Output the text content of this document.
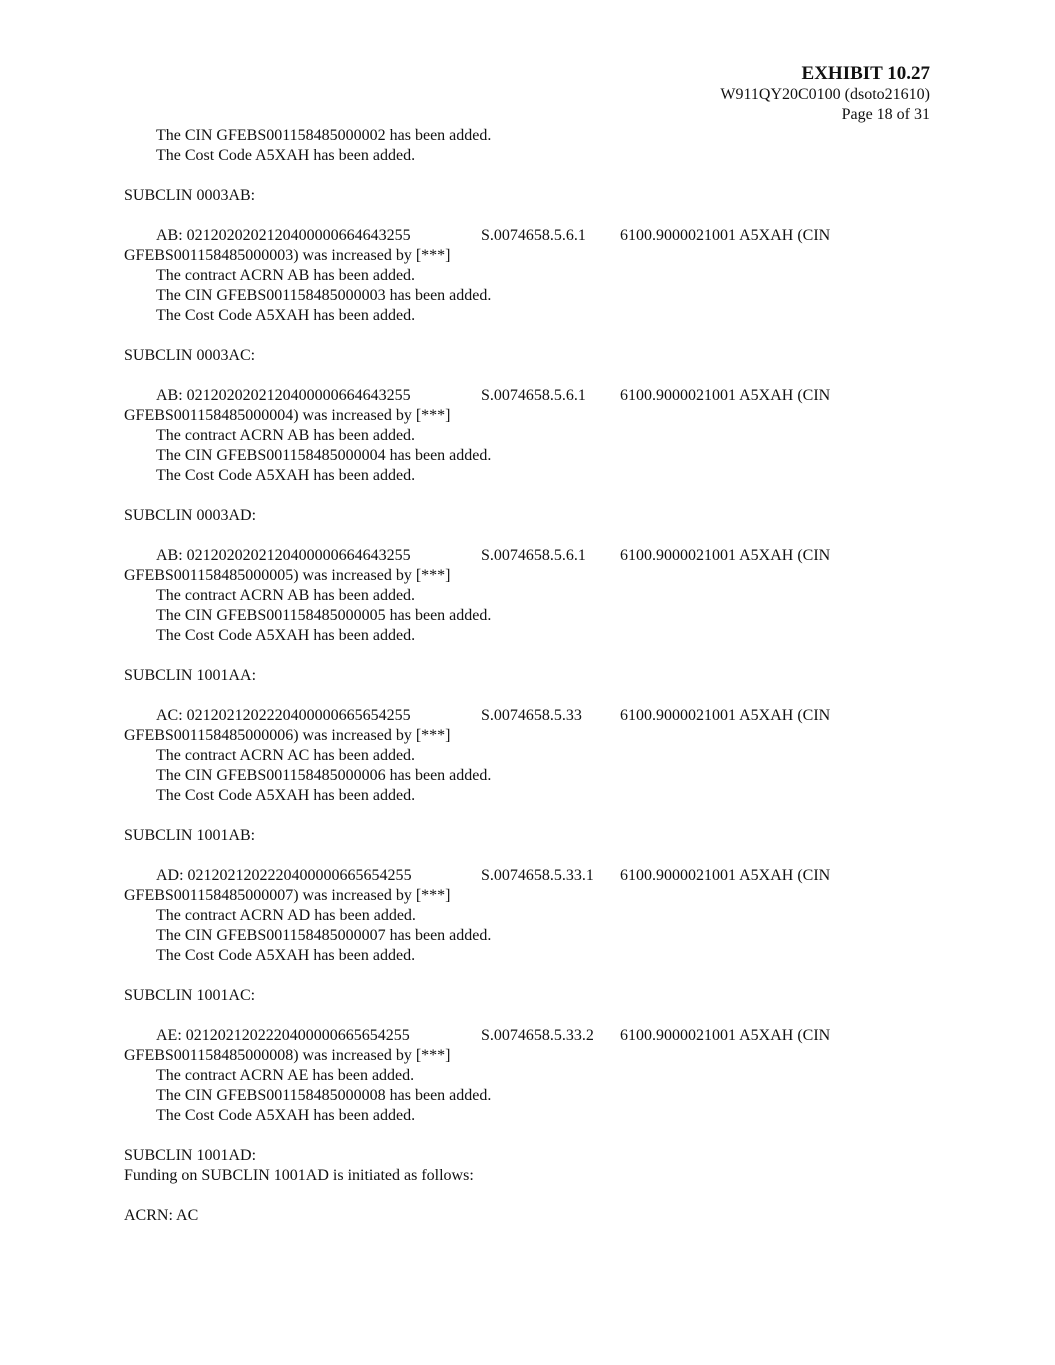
EXHIBIT 10.27
W911QY20C0100 (dsoto21610)
Page 18 of 31
The CIN GFEBS001158485000002 has been added.
The Cost Code A5XAH has been added.
SUBCLIN 0003AB:
AB: 0212020202120400000664643255	S.0074658.5.6.1 6100.9000021001 A5XAH (CIN
GFEBS001158485000003) was increased by [***]
The contract ACRN AB has been added.
The CIN GFEBS001158485000003 has been added.
The Cost Code A5XAH has been added.
SUBCLIN 0003AC:
AB: 0212020202120400000664643255	S.0074658.5.6.1 6100.9000021001 A5XAH (CIN
GFEBS001158485000004) was increased by [***]
The contract ACRN AB has been added.
The CIN GFEBS001158485000004 has been added.
The Cost Code A5XAH has been added.
SUBCLIN 0003AD:
AB: 0212020202120400000664643255	S.0074658.5.6.1 6100.9000021001 A5XAH (CIN
GFEBS001158485000005) was increased by [***]
The contract ACRN AB has been added.
The CIN GFEBS001158485000005 has been added.
The Cost Code A5XAH has been added.
SUBCLIN 1001AA:
AC: 0212021202220400000665654255	S.0074658.5.33 6100.9000021001 A5XAH (CIN
GFEBS001158485000006) was increased by [***]
The contract ACRN AC has been added.
The CIN GFEBS001158485000006 has been added.
The Cost Code A5XAH has been added.
SUBCLIN 1001AB:
AD: 0212021202220400000665654255	S.0074658.5.33.1 6100.9000021001 A5XAH (CIN
GFEBS001158485000007) was increased by [***]
The contract ACRN AD has been added.
The CIN GFEBS001158485000007 has been added.
The Cost Code A5XAH has been added.
SUBCLIN 1001AC:
AE: 0212021202220400000665654255	S.0074658.5.33.2 6100.9000021001 A5XAH (CIN
GFEBS001158485000008) was increased by [***]
The contract ACRN AE has been added.
The CIN GFEBS001158485000008 has been added.
The Cost Code A5XAH has been added.
SUBCLIN 1001AD:
Funding on SUBCLIN 1001AD is initiated as follows:
ACRN: AC
